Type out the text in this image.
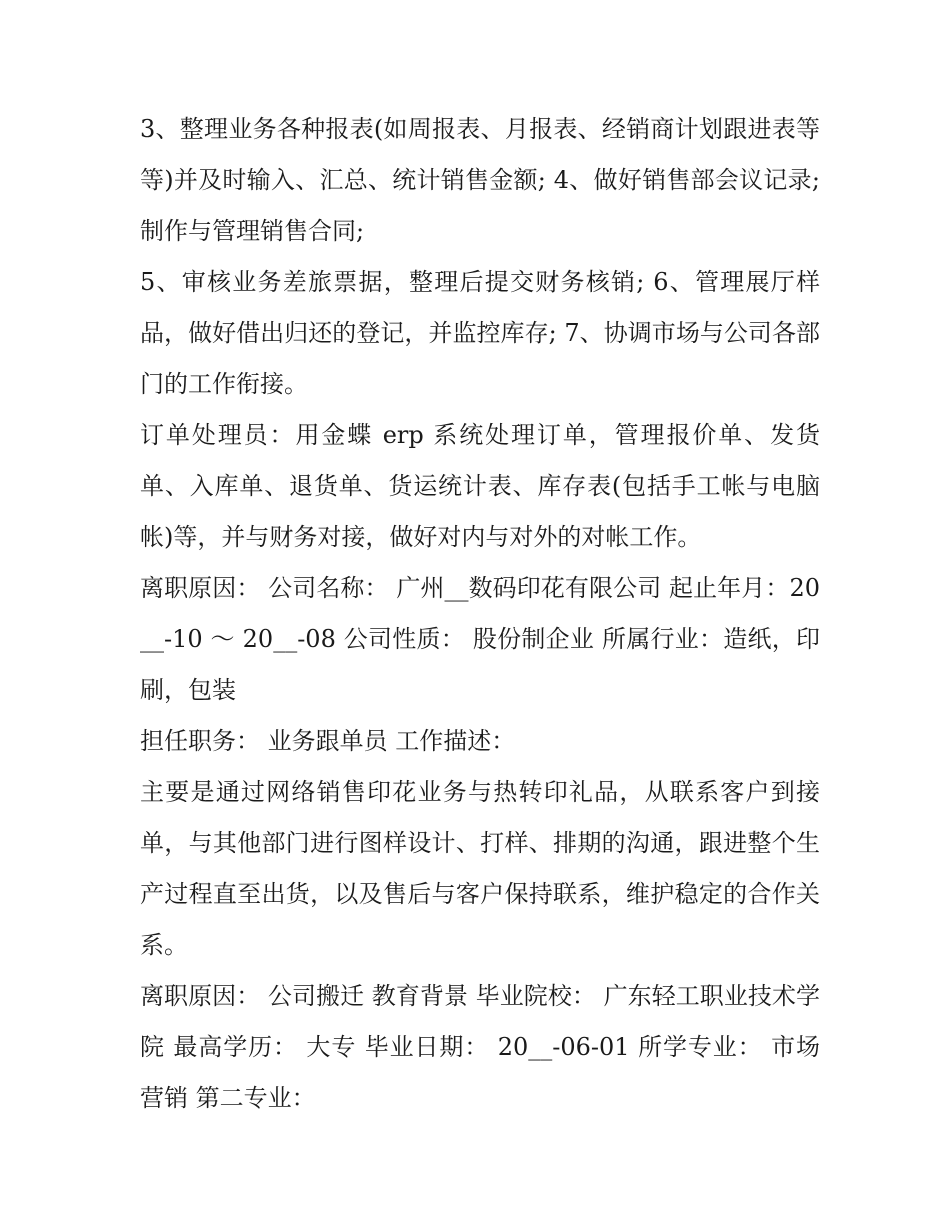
3、整理业务各种报表(如周报表、月报表、经销商计划跟进表等等)并及时输入、汇总、统计销售金额; 4、做好销售部会议记录;制作与管理销售合同;

5、审核业务差旅票据，整理后提交财务核销; 6、管理展厅样品，做好借出归还的登记，并监控库存; 7、协调市场与公司各部门的工作衔接。

订单处理员：用金蝶 erp 系统处理订单，管理报价单、发货单、入库单、退货单、货运统计表、库存表(包括手工帐与电脑帐)等，并与财务对接，做好对内与对外的对帐工作。

离职原因： 公司名称： 广州__数码印花有限公司 起止年月：20__-10 ～ 20__-08 公司性质： 股份制企业 所属行业：造纸，印刷，包装

担任职务： 业务跟单员 工作描述：

主要是通过网络销售印花业务与热转印礼品，从联系客户到接单，与其他部门进行图样设计、打样、排期的沟通，跟进整个生产过程直至出货，以及售后与客户保持联系，维护稳定的合作关系。

离职原因： 公司搬迁 教育背景 毕业院校： 广东轻工职业技术学院 最高学历： 大专 毕业日期： 20__-06-01 所学专业： 市场营销 第二专业：
